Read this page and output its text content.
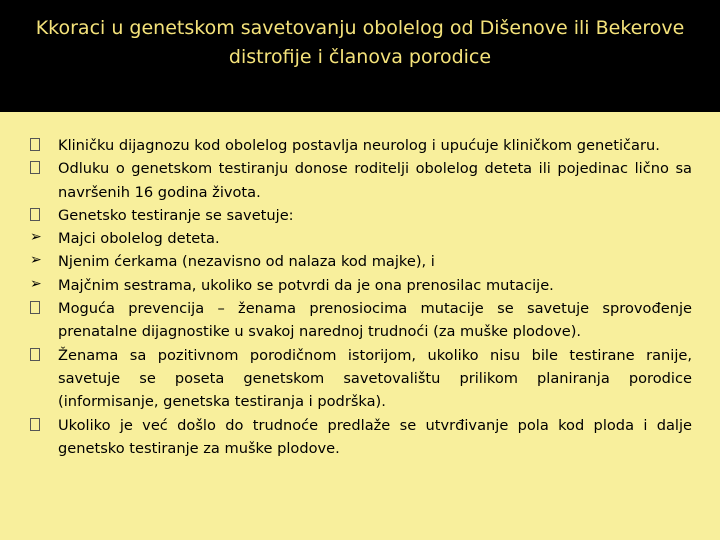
Kkoraci u genetskom savetovanju obolelog od Dišenove ili Bekerove distrofije i članova porodice
Kliničku dijagnozu kod obolelog postavlja neurolog i upućuje kliničkom genetičaru.
Odluku o genetskom testiranju donose roditelji obolelog deteta ili pojedinac lično sa navršenih 16 godina života.
Genetsko testiranje se savetuje:
➢ Majci obolelog deteta.
➢ Njenim ćerkama (nezavisno od nalaza kod majke), i
➢ Majčnim sestrama, ukoliko se potvrdi da je ona prenosilac mutacije.
Moguća prevencija – ženama prenosiocima mutacije se savetuje sprovođenje prenatalne dijagnostike u svakoj narednoj trudnoći (za muške plodove).
Ženama sa pozitivnom porodičnom istorijom, ukoliko nisu bile testirane ranije, savetuje se poseta genetskom savetovalištu prilikom planiranja porodice (informisanje, genetska testiranja i podrška).
Ukoliko je već došlo do trudnoće predlaže se utvrđivanje pola kod ploda i dalje genetsko testiranje za muške plodove.
